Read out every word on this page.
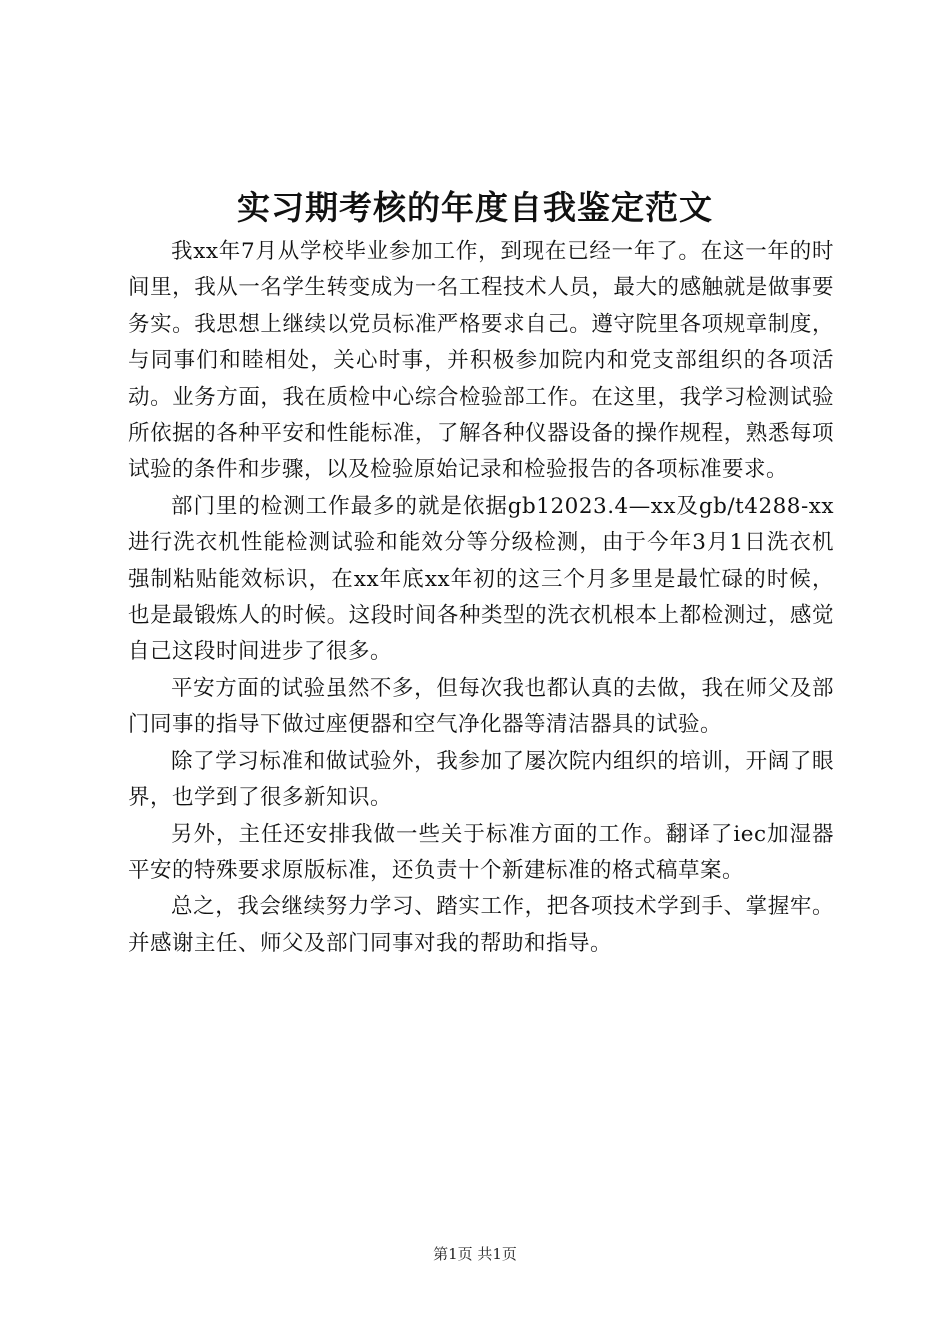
实习期考核的年度自我鉴定范文

我xx年7月从学校毕业参加工作，到现在已经一年了。在这一年的时间里，我从一名学生转变成为一名工程技术人员，最大的感触就是做事要务实。我思想上继续以党员标准严格要求自己。遵守院里各项规章制度，与同事们和睦相处，关心时事，并积极参加院内和党支部组织的各项活动。业务方面，我在质检中心综合检验部工作。在这里，我学习检测试验所依据的各种平安和性能标准，了解各种仪器设备的操作规程，熟悉每项试验的条件和步骤，以及检验原始记录和检验报告的各项标准要求。

部门里的检测工作最多的就是依据gb12023.4—xx及gb/t4288-xx进行洗衣机性能检测试验和能效分等分级检测，由于今年3月1日洗衣机强制粘贴能效标识，在xx年底xx年初的这三个月多里是最忙碌的时候，也是最锻炼人的时候。这段时间各种类型的洗衣机根本上都检测过，感觉自己这段时间进步了很多。

平安方面的试验虽然不多，但每次我也都认真的去做，我在师父及部门同事的指导下做过座便器和空气净化器等清洁器具的试验。

除了学习标准和做试验外，我参加了屡次院内组织的培训，开阔了眼界，也学到了很多新知识。

另外，主任还安排我做一些关于标准方面的工作。翻译了iec加湿器平安的特殊要求原版标准，还负责十个新建标准的格式稿草案。

总之，我会继续努力学习、踏实工作，把各项技术学到手、掌握牢。并感谢主任、师父及部门同事对我的帮助和指导。

第1页 共1页
